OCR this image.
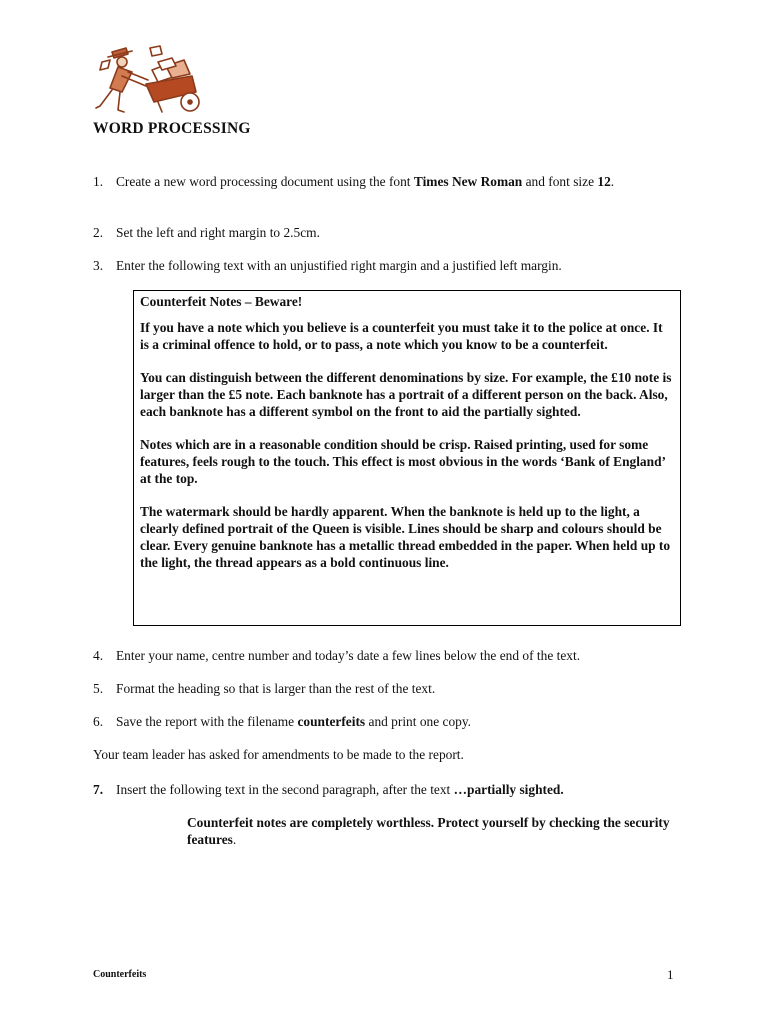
WORD PROCESSING
1. Create a new word processing document using the font Times New Roman and font size 12.
2. Set the left and right margin to 2.5cm.
3. Enter the following text with an unjustified right margin and a justified left margin.

Counterfeit Notes – Beware!

If you have a note which you believe is a counterfeit you must take it to the police at once. It is a criminal offence to hold, or to pass, a note which you know to be a counterfeit.

You can distinguish between the different denominations by size. For example, the £10 note is larger than the £5 note. Each banknote has a portrait of a different person on the back. Also, each banknote has a different symbol on the front to aid the partially sighted.

Notes which are in a reasonable condition should be crisp. Raised printing, used for some features, feels rough to the touch. This effect is most obvious in the words ‘Bank of England’ at the top.

The watermark should be hardly apparent. When the banknote is held up to the light, a clearly defined portrait of the Queen is visible. Lines should be sharp and colours should be clear. Every genuine banknote has a metallic thread embedded in the paper. When held up to the light, the thread appears as a bold continuous line.

4. Enter your name, centre number and today’s date a few lines below the end of the text.
5. Format the heading so that is larger than the rest of the text.
6. Save the report with the filename counterfeits and print one copy.
Your team leader has asked for amendments to be made to the report.
7. Insert the following text in the second paragraph, after the text …partially sighted.
Counterfeit notes are completely worthless. Protect yourself by checking the security features.
Counterfeits	1
